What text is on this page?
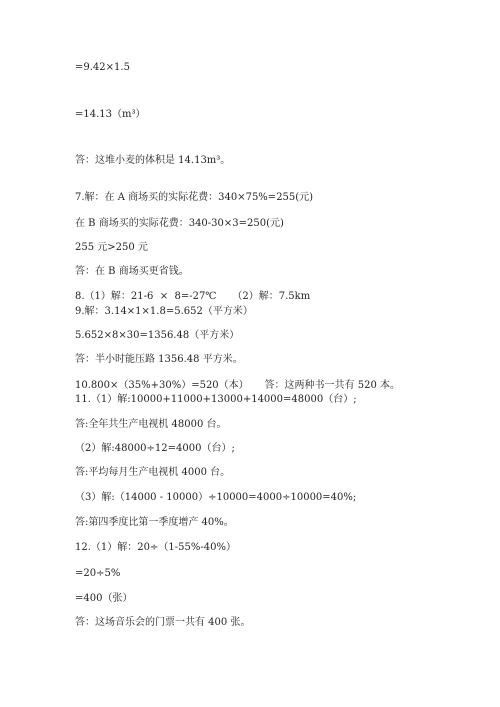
=9.42×1.5
=14.13（m³）
答：这堆小麦的体积是 14.13m³。
7.解：在 A 商场买的实际花费：340×75%=255(元)
在 B 商场买的实际花费：340-30×3=250(元)
255 元>250 元
答：在 B 商场买更省钱。
8.（1）解：21-6  ×  8=-27℃     （2）解：7.5km
9.解：3.14×1×1.8=5.652（平方米）
5.652×8×30=1356.48（平方米）
答：半小时能压路 1356.48 平方米。
10.800×（35%+30%）=520（本）     答：这两种书一共有 520 本。
11.（1）解:10000+11000+13000+14000=48000（台）;
答:全年共生产电视机 48000 台。
（2）解:48000÷12=4000（台）;
答:平均每月生产电视机 4000 台。
（3）解:（14000 - 10000）÷10000=4000÷10000=40%;
答:第四季度比第一季度增产 40%。
12.（1）解：20÷（1-55%-40%）
=20÷5%
=400（张）
答：这场音乐会的门票一共有 400 张。
